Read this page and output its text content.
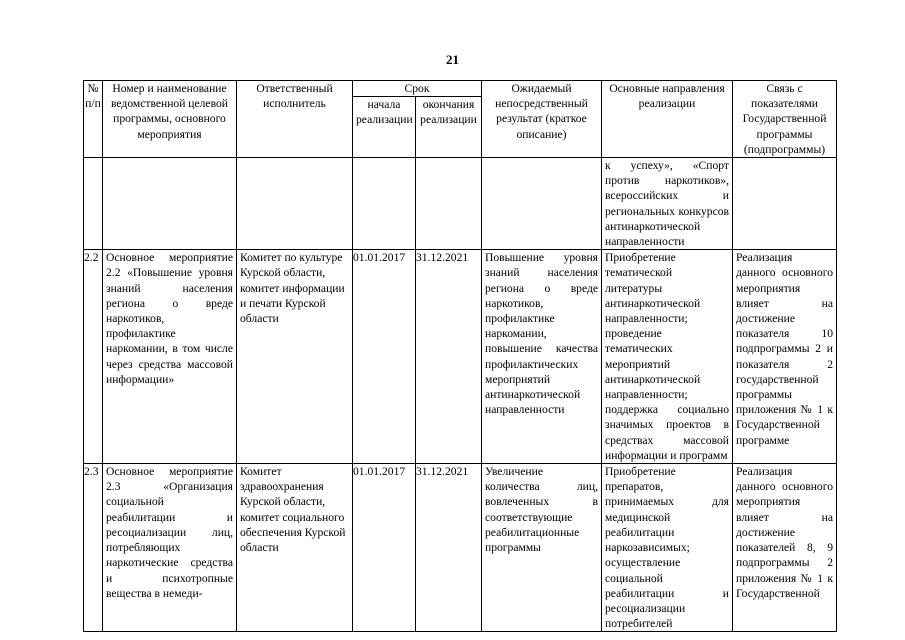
21
№ п/п	Номер и наименование ведомственной целевой программы, основного мероприятия	Ответственный исполнитель	Срок		Ожидаемый непосредственный результат (краткое описание)	Основные направления реализации	Связь с показателями Государственной программы (подпрограммы)
			начала реализации	окончания реализации			
						к успеху», «Спорт против наркотиков», всероссийских и региональных конкурсов антинаркотической направленности	
2.2	Основное мероприятие 2.2 «Повышение уровня знаний населения региона о вреде наркотиков, профилактике наркомании, в том числе через средства массовой информации»	Комитет по культуре Курской области, комитет информации и печати Курской области	01.01.2017	31.12.2021	Повышение уровня знаний населения региона о вреде наркотиков, профилактике наркомании, повышение качества профилактических мероприятий антинаркотической направленности	Приобретение тематической литературы антинаркотической направленности; проведение тематических мероприятий антинаркотической направленности; поддержка социально значимых проектов в средствах массовой информации и программ	Реализация данного основного мероприятия влияет на достижение показателя 10 подпрограммы 2 и показателя 2 государственной программы приложения № 1 к Государственной программе
2.3	Основное мероприятие 2.3 «Организация социальной реабилитации и ресоциализации лиц, потребляющих наркотические средства и психотропные вещества в немеди-	Комитет здравоохранения Курской области, комитет социального обеспечения Курской области	01.01.2017	31.12.2021	Увеличение количества лиц, вовлеченных в соответствующие реабилитационные программы	Приобретение препаратов, принимаемых для медицинской реабилитации наркозависимых; осуществление социальной реабилитации и ресоциализации потребителей	Реализация данного основного мероприятия влияет на достижение показателей 8, 9 подпрограммы 2 приложения № 1 к Государственной
